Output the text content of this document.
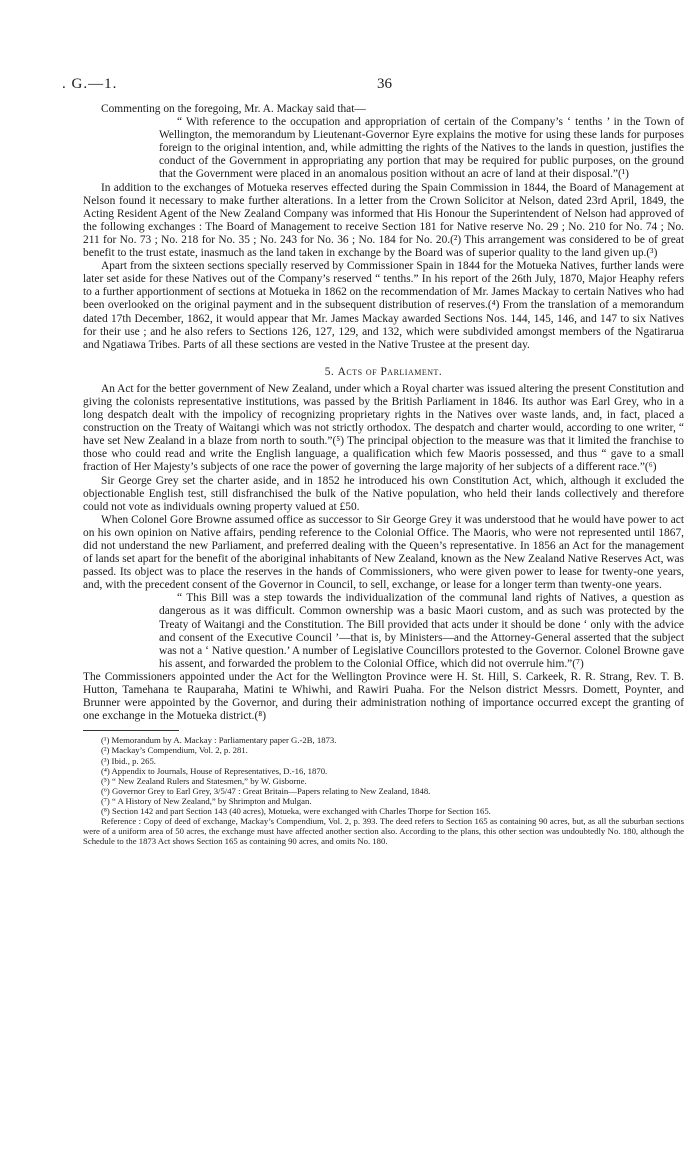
. G.—1.	36

Commenting on the foregoing, Mr. A. Mackay said that—

“ With reference to the occupation and appropriation of certain of the Company’s ‘ tenths ’ in the Town of Wellington, the memorandum by Lieutenant-Governor Eyre explains the motive for using these lands for purposes foreign to the original intention, and, while admitting the rights of the Natives to the lands in question, justifies the conduct of the Government in appropriating any portion that may be required for public purposes, on the ground that the Government were placed in an anomalous position without an acre of land at their disposal.”(¹)

In addition to the exchanges of Motueka reserves effected during the Spain Commission in 1844, the Board of Management at Nelson found it necessary to make further alterations. In a letter from the Crown Solicitor at Nelson, dated 23rd April, 1849, the Acting Resident Agent of the New Zealand Company was informed that His Honour the Superintendent of Nelson had approved of the following exchanges : The Board of Management to receive Section 181 for Native reserve No. 29 ; No. 210 for No. 74 ; No. 211 for No. 73 ; No. 218 for No. 35 ; No. 243 for No. 36 ; No. 184 for No. 20.(²) This arrangement was considered to be of great benefit to the trust estate, inasmuch as the land taken in exchange by the Board was of superior quality to the land given up.(³)

Apart from the sixteen sections specially reserved by Commissioner Spain in 1844 for the Motueka Natives, further lands were later set aside for these Natives out of the Company’s reserved “ tenths.” In his report of the 26th July, 1870, Major Heaphy refers to a further apportionment of sections at Motueka in 1862 on the recommendation of Mr. James Mackay to certain Natives who had been overlooked on the original payment and in the subsequent distribution of reserves.(⁴) From the translation of a memorandum dated 17th December, 1862, it would appear that Mr. James Mackay awarded Sections Nos. 144, 145, 146, and 147 to six Natives for their use ; and he also refers to Sections 126, 127, 129, and 132, which were subdivided amongst members of the Ngatiraruа and Ngatiawa Tribes. Parts of all these sections are vested in the Native Trustee at the present day.

5. Acts of Parliament.

An Act for the better government of New Zealand, under which a Royal charter was issued altering the present Constitution and giving the colonists representative institutions, was passed by the British Parliament in 1846. Its author was Earl Grey, who in a long despatch dealt with the impolicy of recognizing proprietary rights in the Natives over waste lands, and, in fact, placed a construction on the Treaty of Waitangi which was not strictly orthodox. The despatch and charter would, according to one writer, “ have set New Zealand in a blaze from north to south.”(⁵) The principal objection to the measure was that it limited the franchise to those who could read and write the English language, a qualification which few Maoris possessed, and thus “ gave to a small fraction of Her Majesty’s subjects of one race the power of governing the large majority of her subjects of a different race.”(⁶)

Sir George Grey set the charter aside, and in 1852 he introduced his own Constitution Act, which, although it excluded the objectionable English test, still disfranchised the bulk of the Native population, who held their lands collectively and therefore could not vote as individuals owning property valued at £50.

When Colonel Gore Browne assumed office as successor to Sir George Grey it was understood that he would have power to act on his own opinion on Native affairs, pending reference to the Colonial Office. The Maoris, who were not represented until 1867, did not understand the new Parliament, and preferred dealing with the Queen’s representative. In 1856 an Act for the management of lands set apart for the benefit of the aboriginal inhabitants of New Zealand, known as the New Zealand Native Reserves Act, was passed. Its object was to place the reserves in the hands of Commissioners, who were given power to lease for twenty-one years, and, with the precedent consent of the Governor in Council, to sell, exchange, or lease for a longer term than twenty-one years.

“ This Bill was a step towards the individualization of the communal land rights of Natives, a question as dangerous as it was difficult. Common ownership was a basic Maori custom, and as such was protected by the Treaty of Waitangi and the Constitution. The Bill provided that acts under it should be done ‘ only with the advice and consent of the Executive Council ’—that is, by Ministers—and the Attorney-General asserted that the subject was not a ‘ Native question.’ A number of Legislative Councillors protested to the Governor. Colonel Browne gave his assent, and forwarded the problem to the Colonial Office, which did not overrule him.”(⁷)

The Commissioners appointed under the Act for the Wellington Province were H. St. Hill, S. Carkeek, R. R. Strang, Rev. T. B. Hutton, Tamehana te Rauparaha, Matini te Whiwhi, and Rawiri Puaha. For the Nelson district Messrs. Domett, Poynter, and Brunner were appointed by the Governor, and during their administration nothing of importance occurred except the granting of one exchange in the Motueka district.(⁸)

(¹) Memorandum by A. Mackay : Parliamentary paper G.-2B, 1873.
(²) Mackay’s Compendium, Vol. 2, p. 281.
(³) Ibid., p. 265.
(⁴) Appendix to Journals, House of Representatives, D.-16, 1870.
(⁵) “ New Zealand Rulers and Statesmen,” by W. Gisborne.
(⁶) Governor Grey to Earl Grey, 3/5/47 : Great Britain—Papers relating to New Zealand, 1848.
(⁷) “ A History of New Zealand,” by Shrimpton and Mulgan.
(⁸) Section 142 and part Section 143 (40 acres), Motueka, were exchanged with Charles Thorpe for Section 165.

Reference : Copy of deed of exchange, Mackay’s Compendium, Vol. 2, p. 393. The deed refers to Section 165 as containing 90 acres, but, as all the suburban sections were of a uniform area of 50 acres, the exchange must have affected another section also. According to the plans, this other section was undoubtedly No. 180, although the Schedule to the 1873 Act shows Section 165 as containing 90 acres, and omits No. 180.
